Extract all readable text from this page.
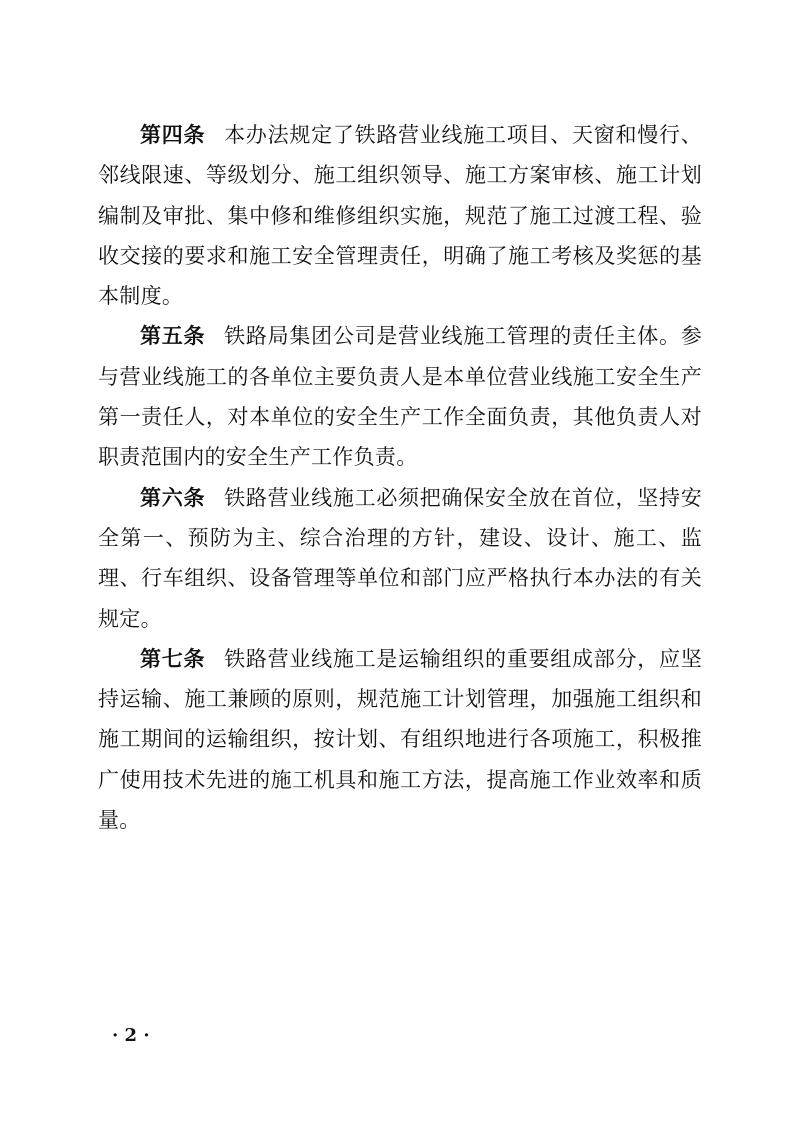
第四条 本办法规定了铁路营业线施工项目、天窗和慢行、邻线限速、等级划分、施工组织领导、施工方案审核、施工计划编制及审批、集中修和维修组织实施，规范了施工过渡工程、验收交接的要求和施工安全管理责任，明确了施工考核及奖惩的基本制度。

第五条 铁路局集团公司是营业线施工管理的责任主体。参与营业线施工的各单位主要负责人是本单位营业线施工安全生产第一责任人，对本单位的安全生产工作全面负责，其他负责人对职责范围内的安全生产工作负责。

第六条 铁路营业线施工必须把确保安全放在首位，坚持安全第一、预防为主、综合治理的方针，建设、设计、施工、监理、行车组织、设备管理等单位和部门应严格执行本办法的有关规定。

第七条 铁路营业线施工是运输组织的重要组成部分，应坚持运输、施工兼顾的原则，规范施工计划管理，加强施工组织和施工期间的运输组织，按计划、有组织地进行各项施工，积极推广使用技术先进的施工机具和施工方法，提高施工作业效率和质量。

· 2 ·
